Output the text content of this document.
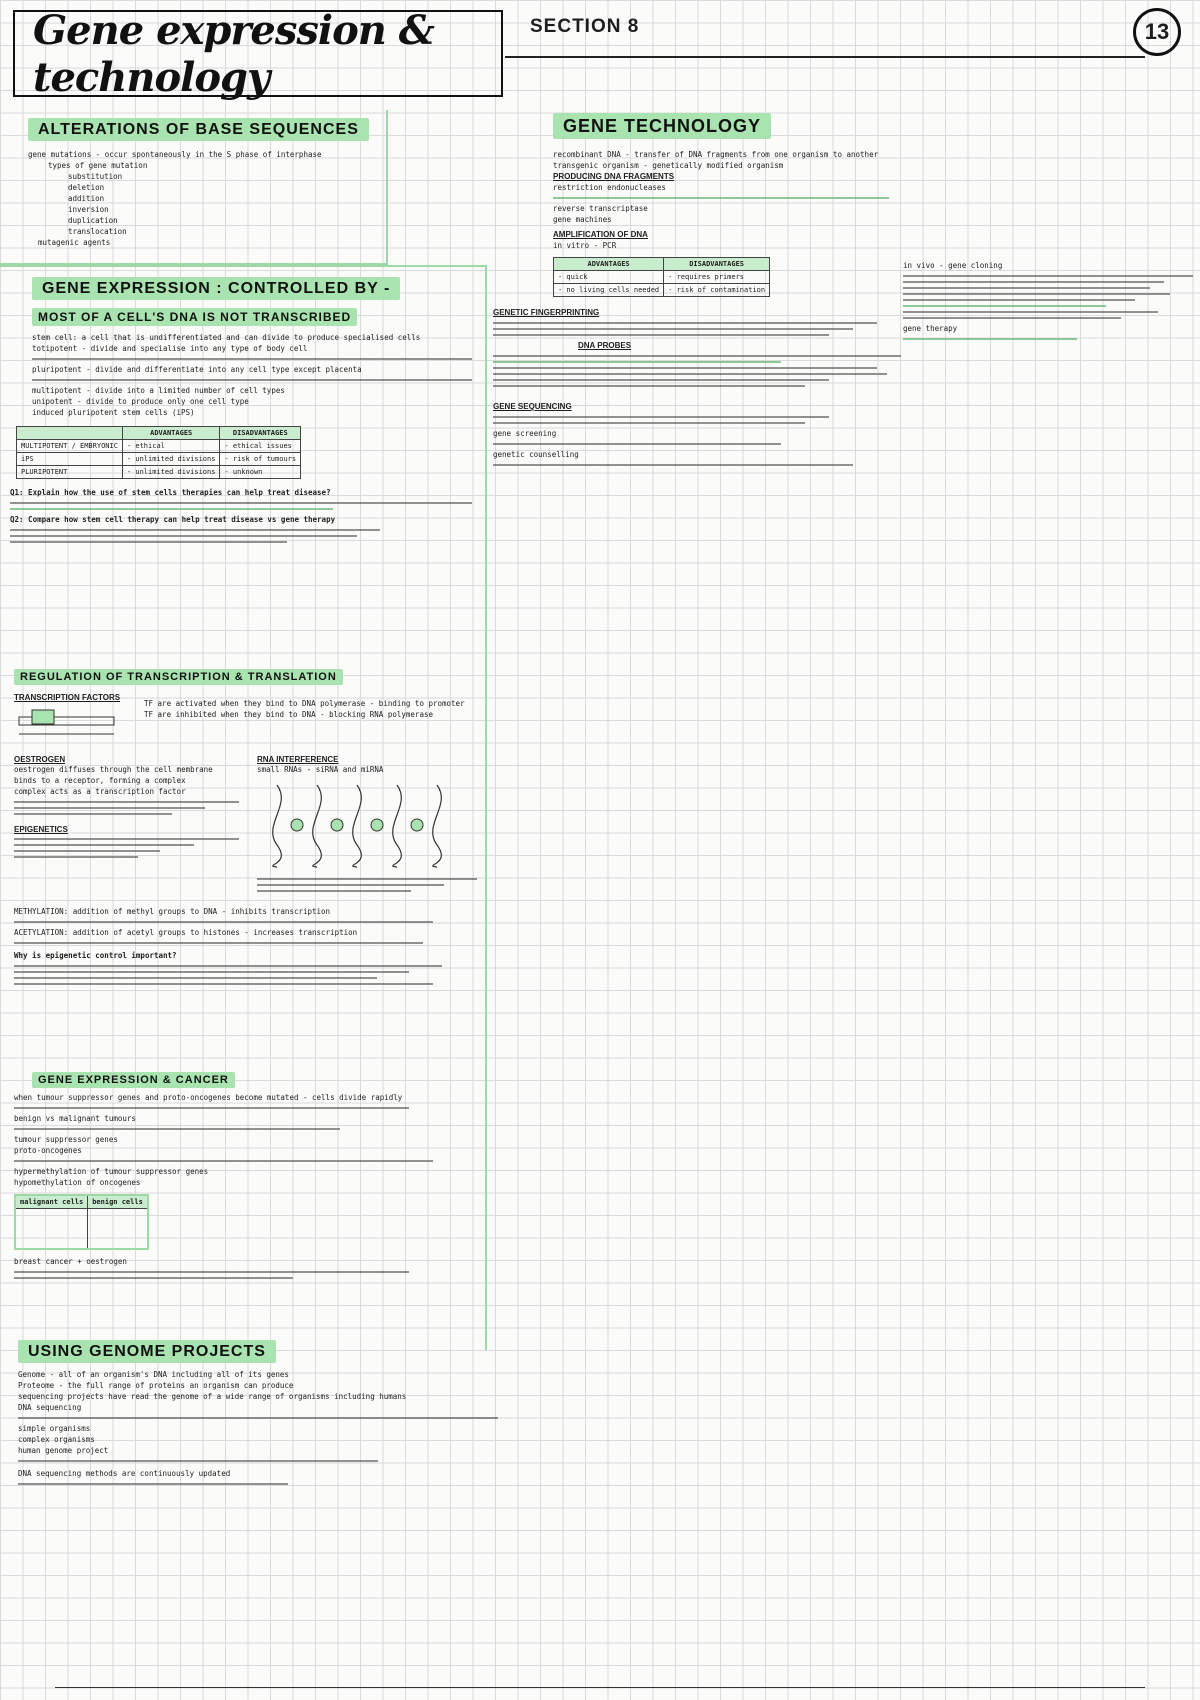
Gene expression & technology
SECTION 8	13
ALTERATIONS OF BASE SEQUENCES
gene mutations - occur spontaneously in the S phase of interphase
types of gene mutation
substitution
deletion
addition
inversion
duplication
translocation
mutagenic agents
GENE EXPRESSION : CONTROLLED BY -
MOST OF A CELL'S DNA IS NOT TRANSCRIBED
stem cell: a cell that is undifferentiated and can divide to produce specialised cells
totipotent - divide and specialise into any type of body cell
pluripotent - divide and differentiate into any cell type except placenta
multipotent - divide into a limited number of cell types
unipotent - divide to produce only one cell type
induced pluripotent stem cells (iPS)
	ADVANTAGES	DISADVANTAGES
MULTIPOTENT / EMBRYONIC	- ethical	- ethical issues
iPS	- unlimited divisions	- risk of tumours
PLURIPOTENT	- unlimited divisions	- unknown
Q1: Explain how the use of stem cells therapies can help treat disease?
Q2: Compare how stem cell therapy can help treat disease vs gene therapy
REGULATION OF TRANSCRIPTION & TRANSLATION
TRANSCRIPTION FACTORS
TF are activated when they bind to DNA polymerase - binding to promoter
TF are inhibited when they bind to DNA - blocking RNA polymerase
OESTROGEN
oestrogen diffuses through the cell membrane
binds to a receptor, forming a complex
complex acts as a transcription factor
EPIGENETICS
RNA INTERFERENCE
small RNAs - siRNA and miRNA
METHYLATION: addition of methyl groups to DNA - inhibits transcription
ACETYLATION: addition of acetyl groups to histones - increases transcription
Why is epigenetic control important?
GENE EXPRESSION & CANCER
when tumour suppressor genes and proto-oncogenes become mutated - cells divide rapidly
benign vs malignant tumours
tumour suppressor genes
proto-oncogenes
hypermethylation of tumour suppressor genes
hypomethylation of oncogenes
malignant cells	benign cells

breast cancer + oestrogen
USING GENOME PROJECTS
Genome - all of an organism's DNA including all of its genes
Proteome - the full range of proteins an organism can produce
sequencing projects have read the genome of a wide range of organisms including humans
DNA sequencing
simple organisms
complex organisms
human genome project
DNA sequencing methods are continuously updated
GENE TECHNOLOGY
recombinant DNA - transfer of DNA fragments from one organism to another
transgenic organism - genetically modified organism
PRODUCING DNA FRAGMENTS
restriction endonucleases
reverse transcriptase
gene machines
AMPLIFICATION OF DNA
in vitro - PCR
ADVANTAGES	DISADVANTAGES
- quick	- requires primers
- no living cells needed	- risk of contamination
GENETIC FINGERPRINTING
DNA PROBES
GENE SEQUENCING
gene screening
genetic counselling
in vivo - gene cloning
gene therapy
